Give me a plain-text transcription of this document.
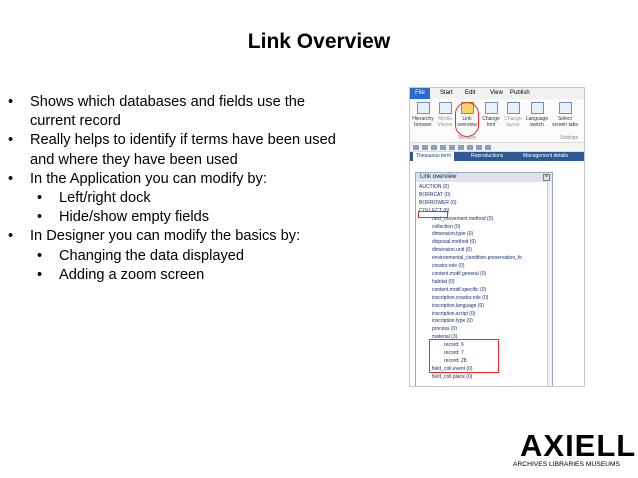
Link Overview
• Shows which databases and fields use the
current record
• Really helps to identify if terms have been used
and where they have been used
• In the Application you can modify by:
• Left/right dock
• Hide/show empty fields
• In Designer you can modify the basics by:
• Changing the data displayed
• Adding a zoom screen
File	Start Edit View Publish
Hierarchy browser
Media Viewer
Link overview
Change font
Change layout
Language switch
Select screen tabs
Viewers	Settings
Thesaurus term	Reproductions	Management details
Link overview	×
AUCTION (0)
BORRCAT (0)
BORROWER (0)
COLLECT (6)
next_movement.method (0)
collection (0)
dimension.type (0)
disposal.method (0)
dimension.unit (0)
environmental_condition.preservation_fo
creator.role (0)
content.motif.general (0)
habitat (0)
content.motif.specific (0)
inscription.creator.role (0)
inscription.language (0)
inscription.script (0)
inscription.type (0)
process (0)
material (3)
record: 6
record: 7
record: 28
field_coll.event (0)
field_coll.place (0)
AXIELL
ARCHIVES LIBRARIES MUSEUMS
